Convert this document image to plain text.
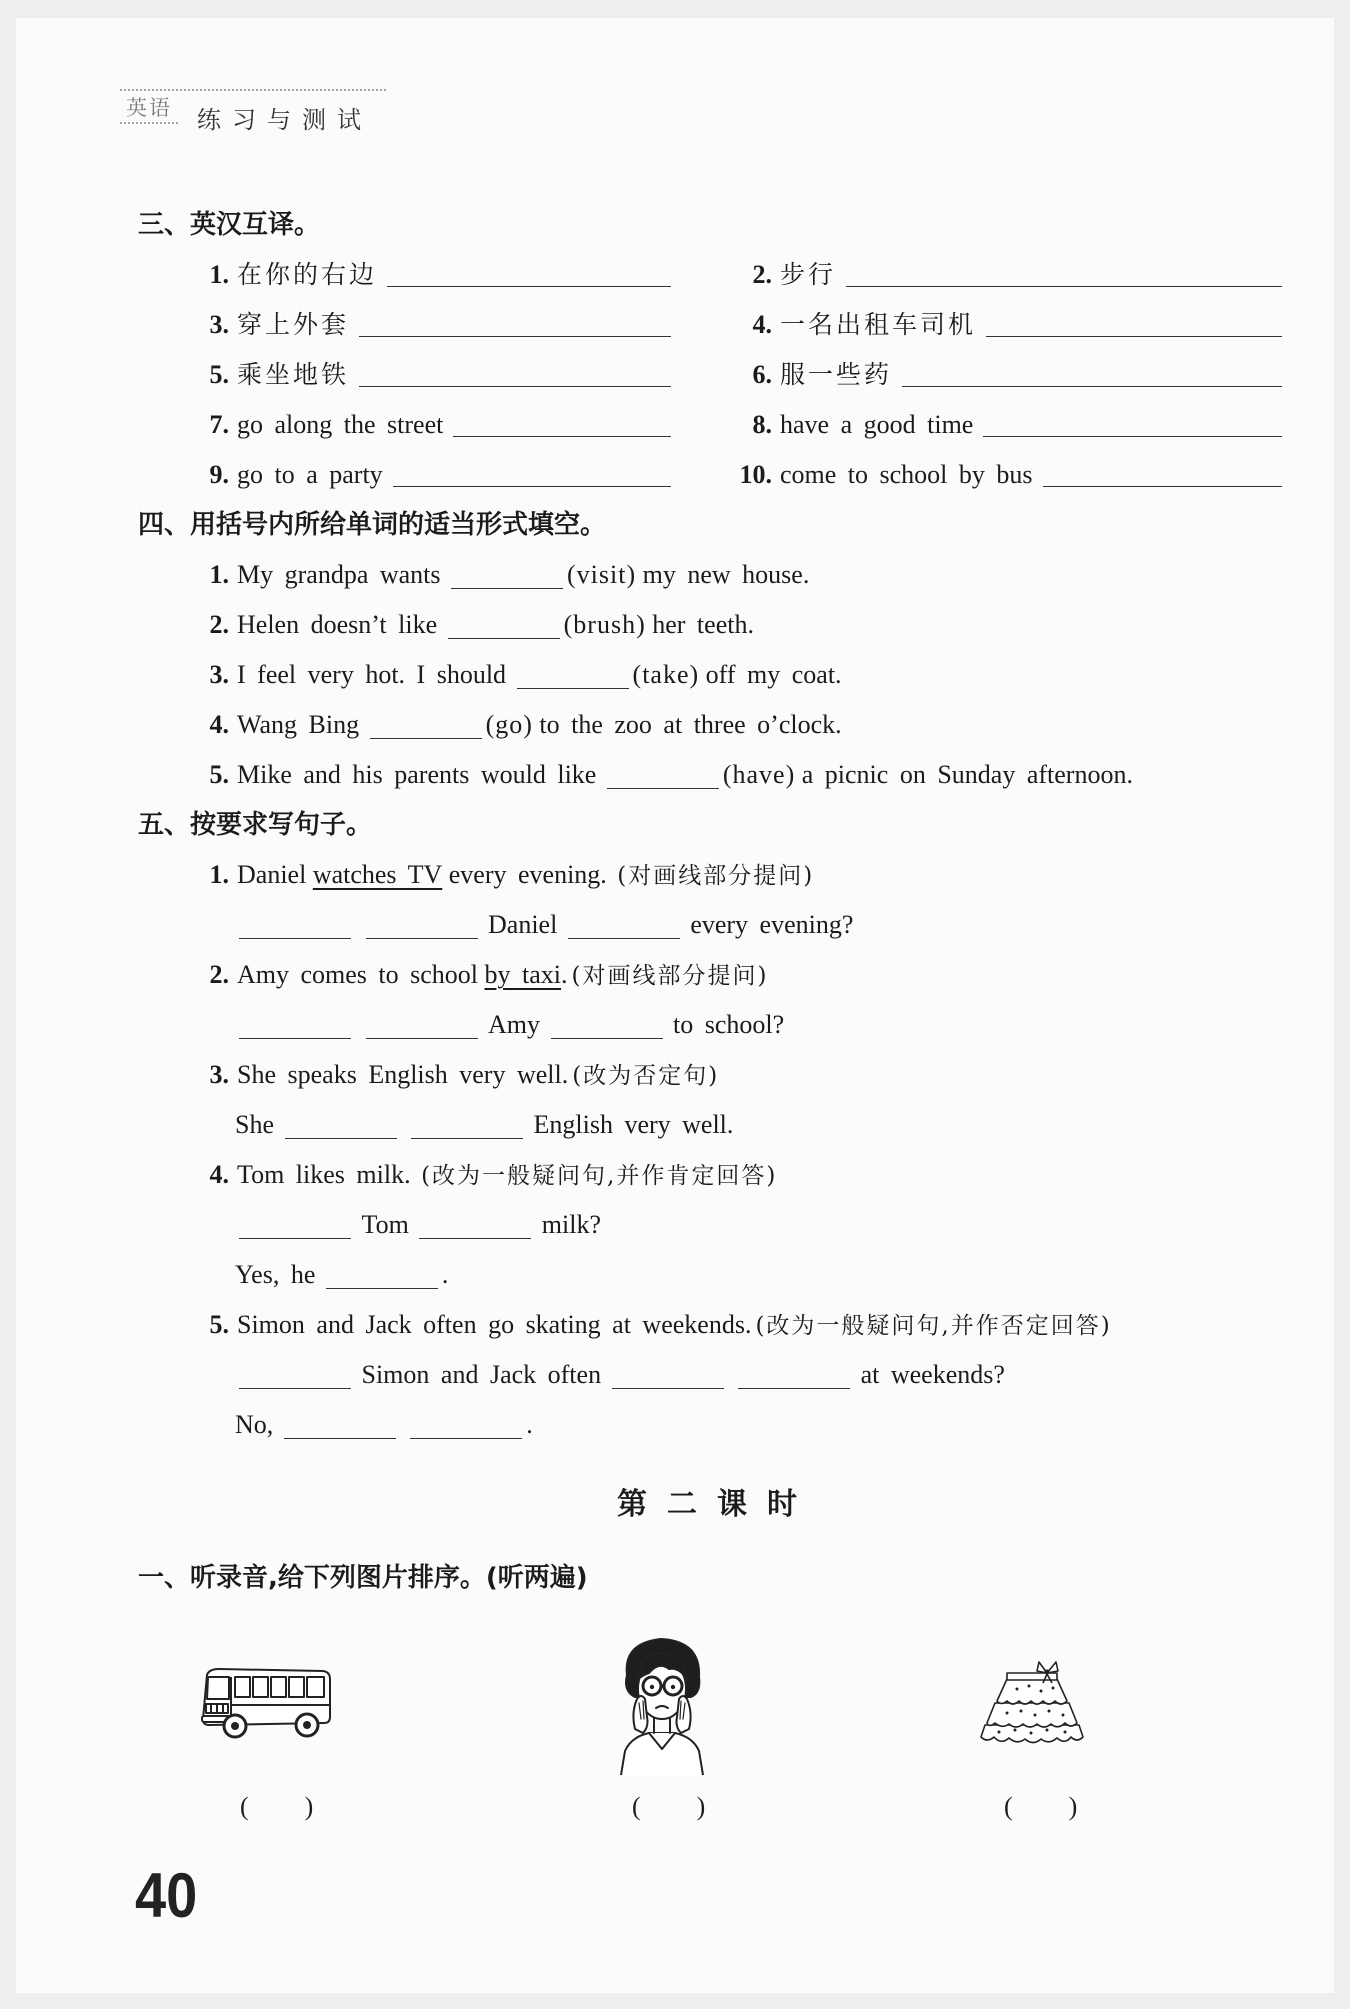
英语 练习与测试
三、英汉互译。
1. 在你的右边	2. 步行
3. 穿上外套	4. 一名出租车司机
5. 乘坐地铁	6. 服一些药
7. go along the street	8. have a good time
9. go to a party	10. come to school by bus
四、用括号内所给单词的适当形式填空。
1. My grandpa wants	(visit) my new house.
2. Helen doesn’t like	(brush) her teeth.
3. I feel very hot. I should	(take) off my coat.
4. Wang Bing	(go) to the zoo at three o’clock.
5. Mike and his parents would like	(have) a picnic on Sunday afternoon.
五、按要求写句子。
1. Daniel watches TV every evening. (对画线部分提问)
Daniel	every evening?
2. Amy comes to school by taxi. (对画线部分提问)
Amy	to school?
3. She speaks English very well. (改为否定句)
She	English very well.
4. Tom likes milk. (改为一般疑问句,并作肯定回答)
Tom	milk?
Yes, he	.
5. Simon and Jack often go skating at weekends. (改为一般疑问句,并作否定回答)
Simon and Jack often	at weekends?
No,	.
第二课时
一、听录音,给下列图片排序。(听两遍)
(    )	(    )	(    )
40
